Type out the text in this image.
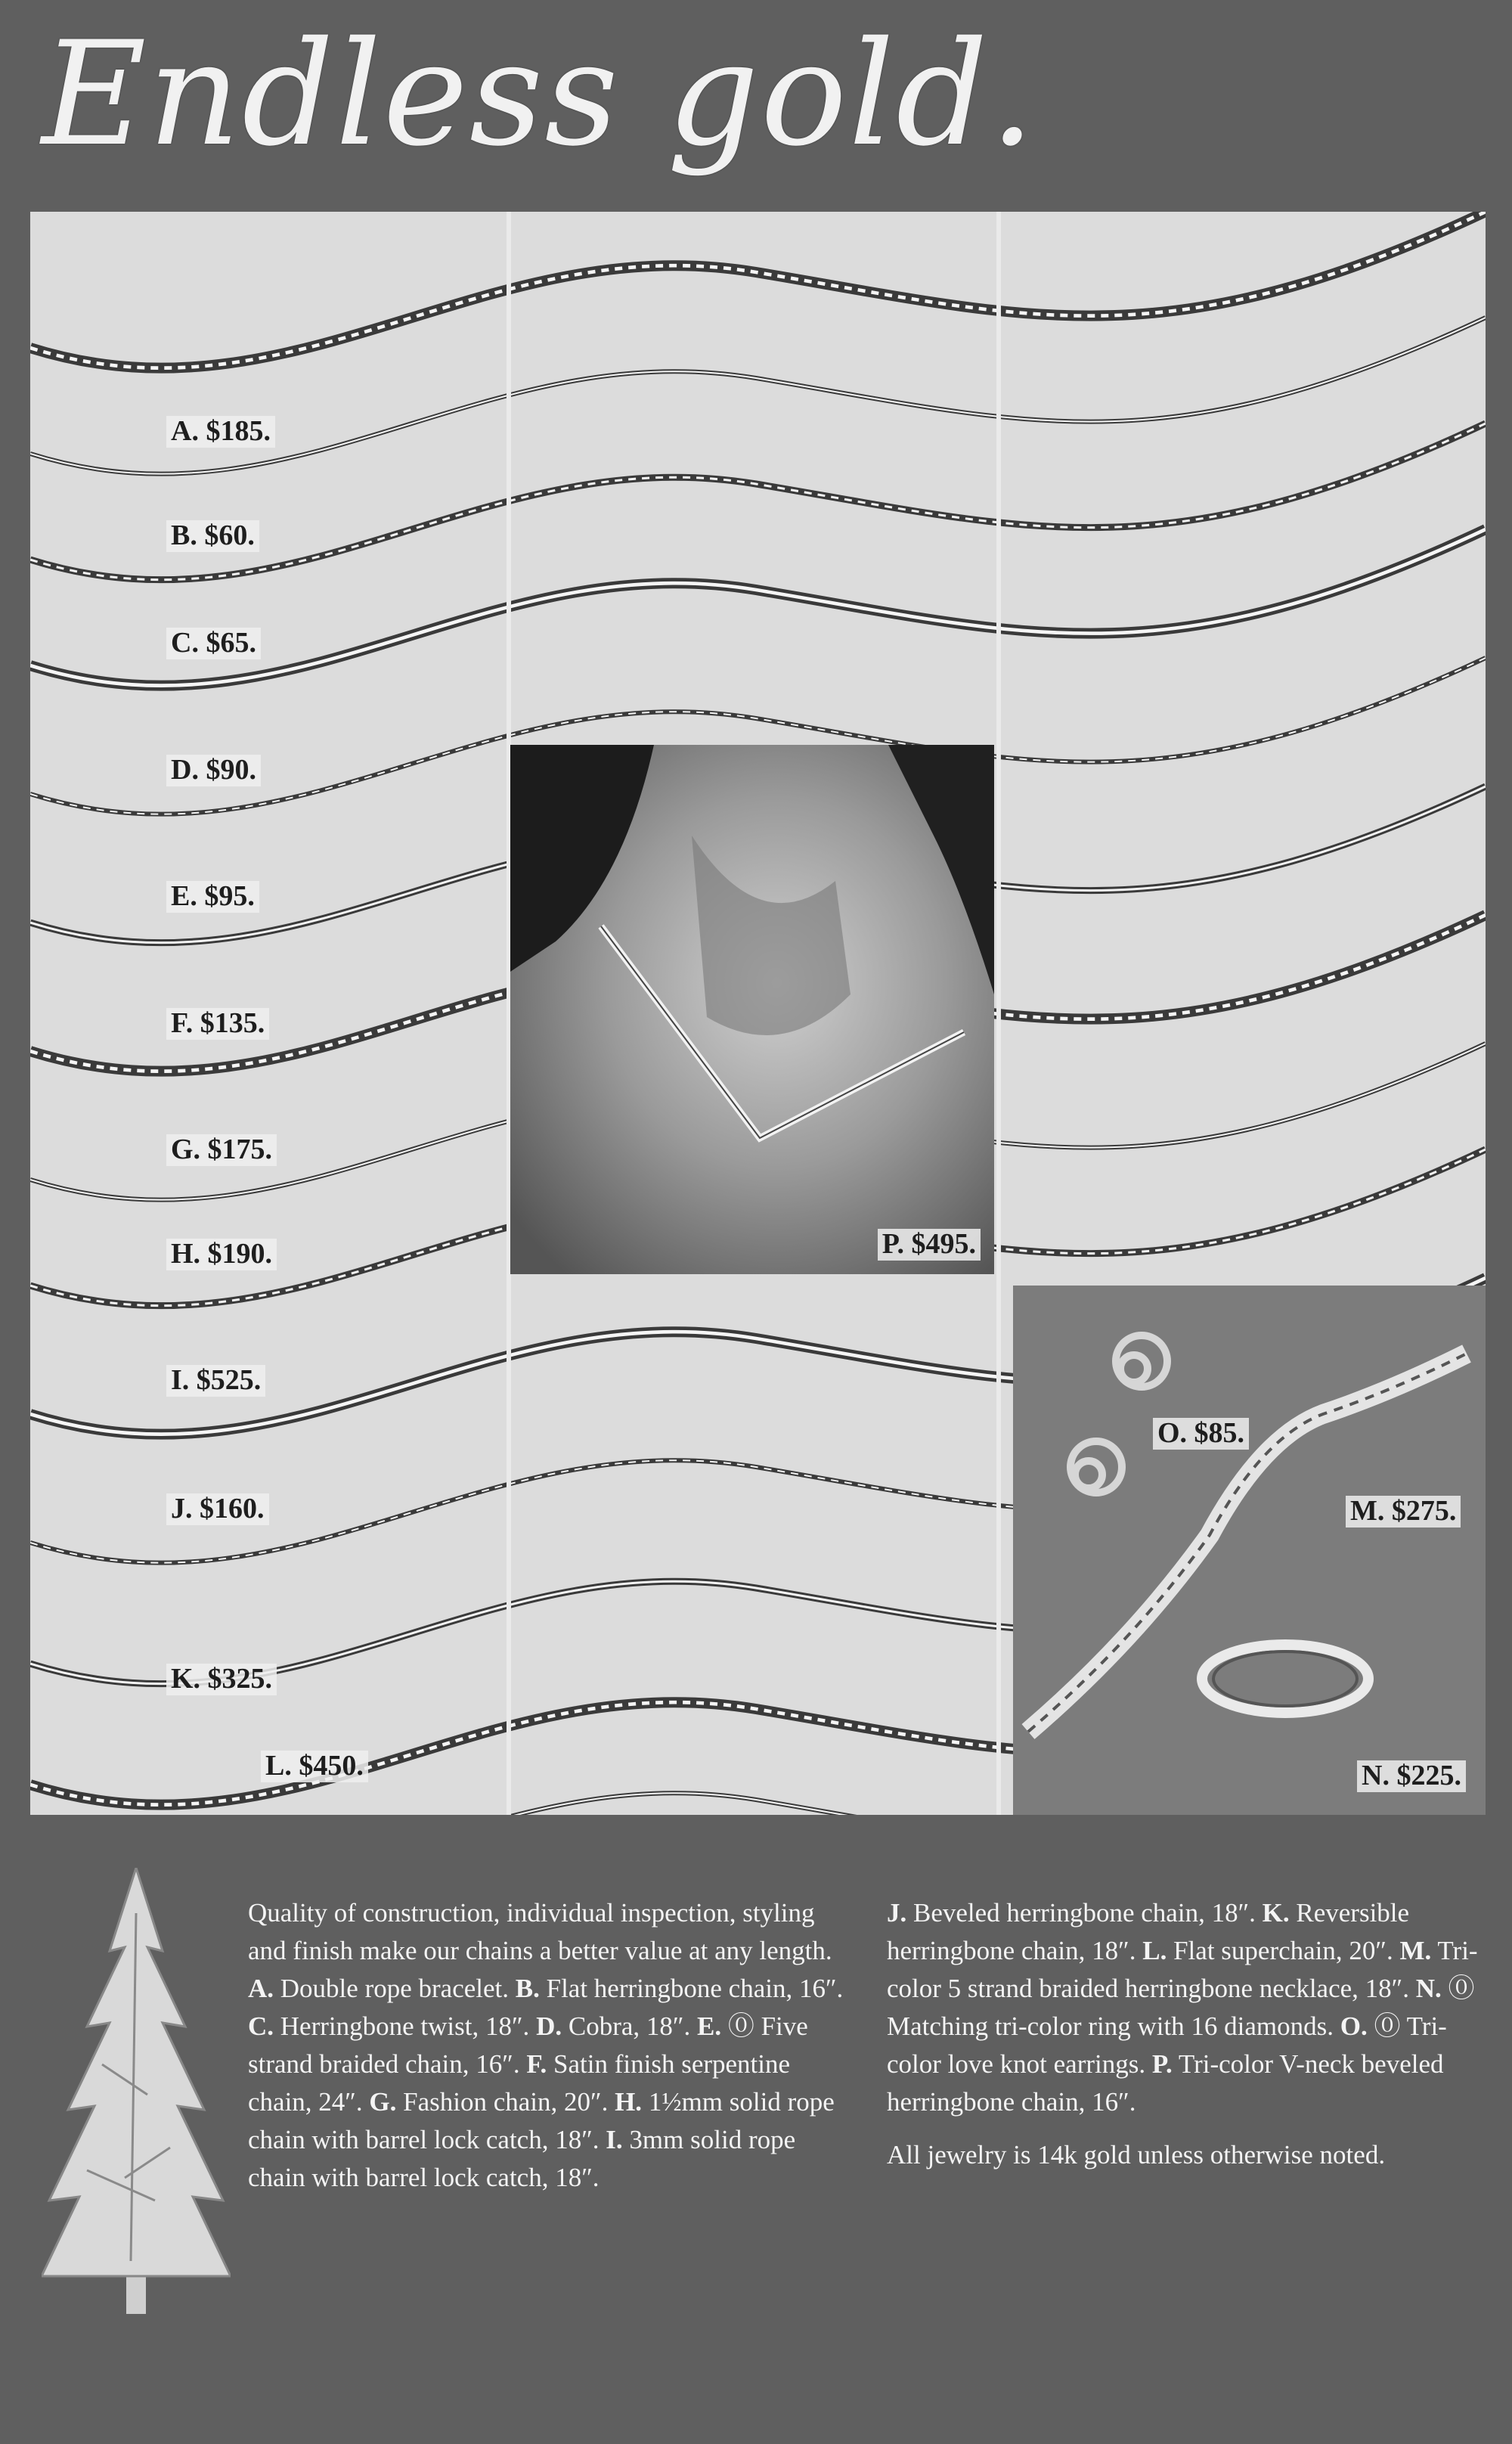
Endless gold.
P. $495.
O. $85.
M. $275.
N. $225.
A. $185.
B. $60.
C. $65.
D. $90.
E. $95.
F. $135.
G. $175.
H. $190.
I. $525.
J. $160.
K. $325.
L. $450.

Quality of construction, individual inspection, styling and finish make our chains a better value at any length. A. Double rope bracelet. B. Flat herringbone chain, 16″. C. Herringbone twist, 18″. D. Cobra, 18″. E. ⓪ Five strand braided chain, 16″. F. Satin finish serpentine chain, 24″. G. Fashion chain, 20″. H. 1½mm solid rope chain with barrel lock catch, 18″. I. 3mm solid rope chain with barrel lock catch, 18″.

J. Beveled herringbone chain, 18″. K. Reversible herringbone chain, 18″. L. Flat superchain, 20″. M. Tri-color 5 strand braided herringbone necklace, 18″. N. ⓪ Matching tri-color ring with 16 diamonds. O. ⓪ Tri-color love knot earrings. P. Tri-color V-neck beveled herringbone chain, 16″.

All jewelry is 14k gold unless otherwise noted.
